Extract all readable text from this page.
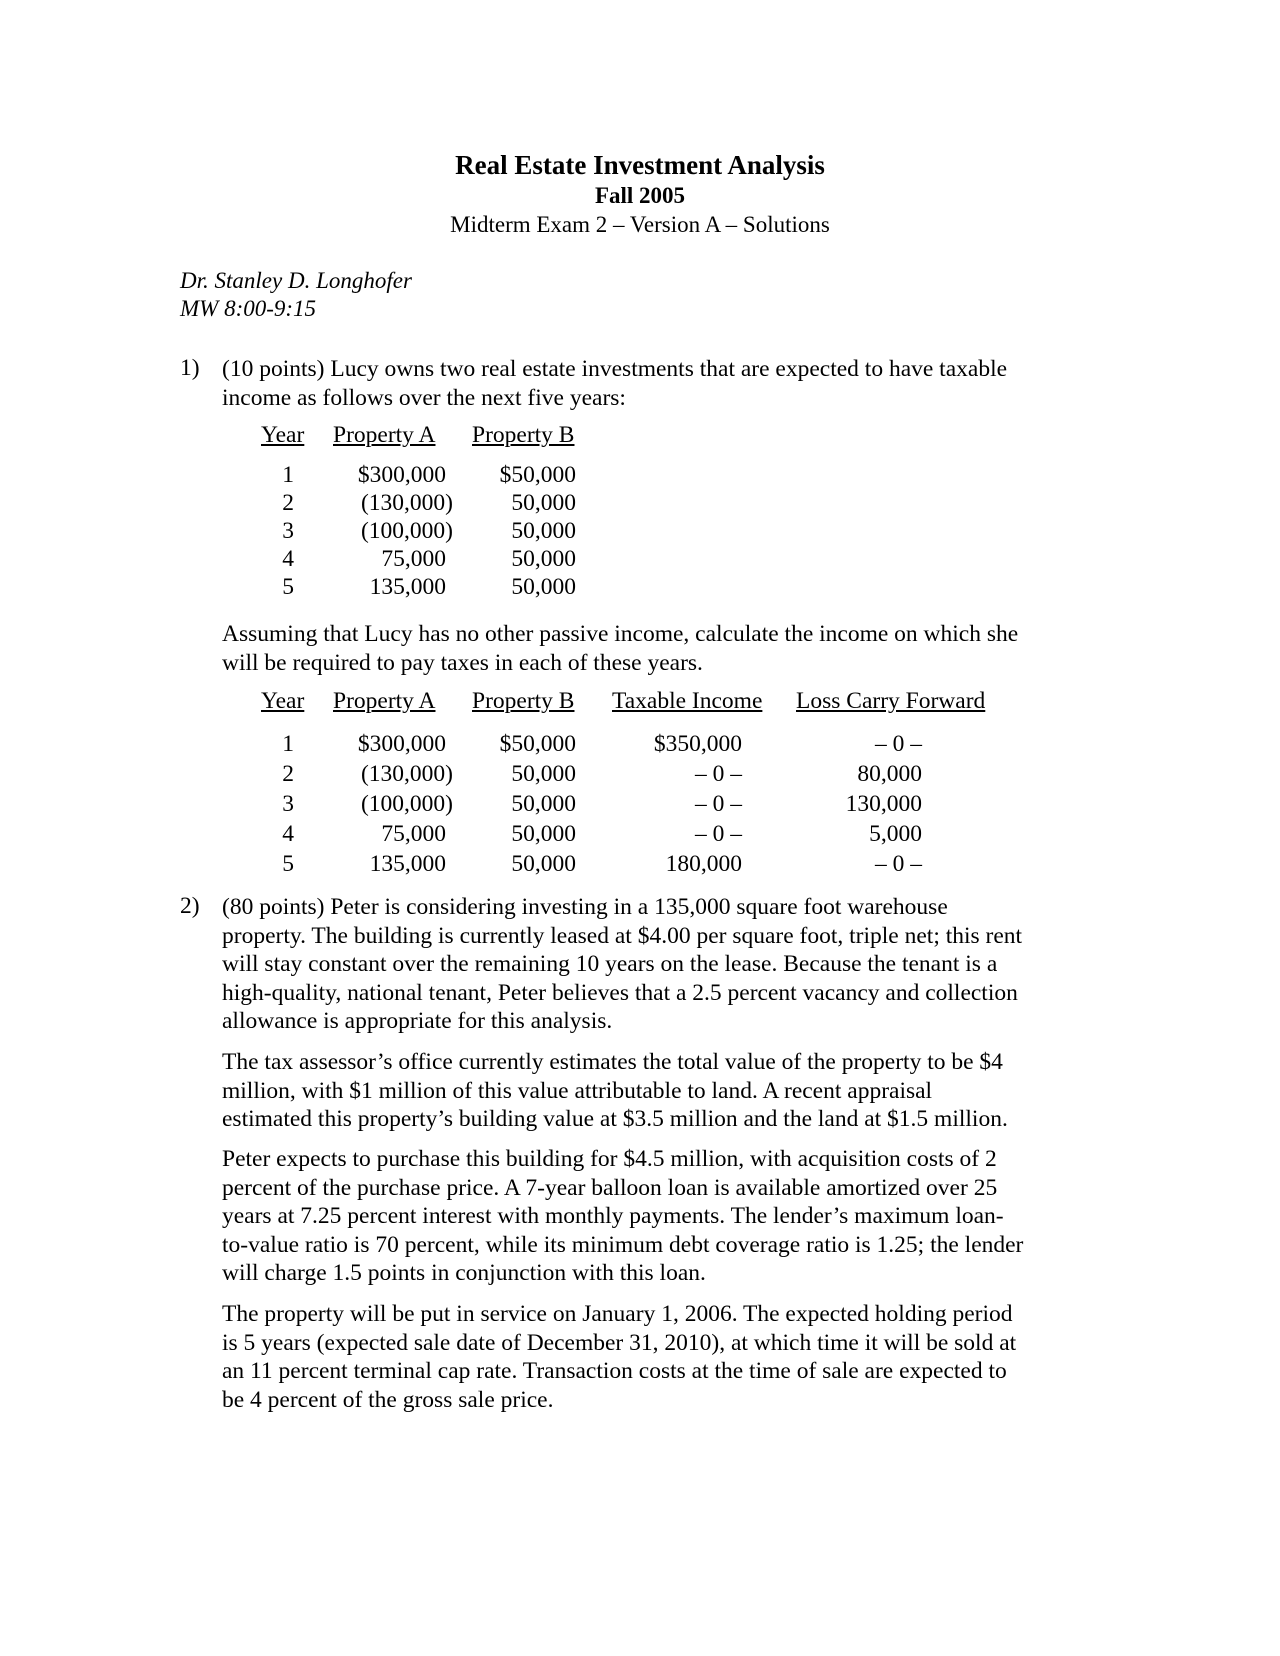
Real Estate Investment Analysis
Fall 2005
Midterm Exam 2 – Version A – Solutions
Dr. Stanley D. Longhofer
MW 8:00-9:15
1) (10 points) Lucy owns two real estate investments that are expected to have taxable
income as follows over the next five years:
Year Property A Property B
1	$300,000	$50,000
2	(130,000)	50,000
3	(100,000)	50,000
4	75,000	50,000
5	135,000	50,000
Assuming that Lucy has no other passive income, calculate the income on which she
will be required to pay taxes in each of these years.
Year Property A Property B Taxable Income Loss Carry Forward
1	$300,000	$50,000	$350,000	– 0 –
2	(130,000)	50,000	– 0 –	80,000
3	(100,000)	50,000	– 0 –	130,000
4	75,000	50,000	– 0 –	5,000
5	135,000	50,000	180,000	– 0 –
2) (80 points) Peter is considering investing in a 135,000 square foot warehouse
property. The building is currently leased at $4.00 per square foot, triple net; this rent
will stay constant over the remaining 10 years on the lease. Because the tenant is a
high-quality, national tenant, Peter believes that a 2.5 percent vacancy and collection
allowance is appropriate for this analysis.
The tax assessor’s office currently estimates the total value of the property to be $4
million, with $1 million of this value attributable to land. A recent appraisal
estimated this property’s building value at $3.5 million and the land at $1.5 million.
Peter expects to purchase this building for $4.5 million, with acquisition costs of 2
percent of the purchase price. A 7-year balloon loan is available amortized over 25
years at 7.25 percent interest with monthly payments. The lender’s maximum loan-
to-value ratio is 70 percent, while its minimum debt coverage ratio is 1.25; the lender
will charge 1.5 points in conjunction with this loan.
The property will be put in service on January 1, 2006. The expected holding period
is 5 years (expected sale date of December 31, 2010), at which time it will be sold at
an 11 percent terminal cap rate. Transaction costs at the time of sale are expected to
be 4 percent of the gross sale price.
